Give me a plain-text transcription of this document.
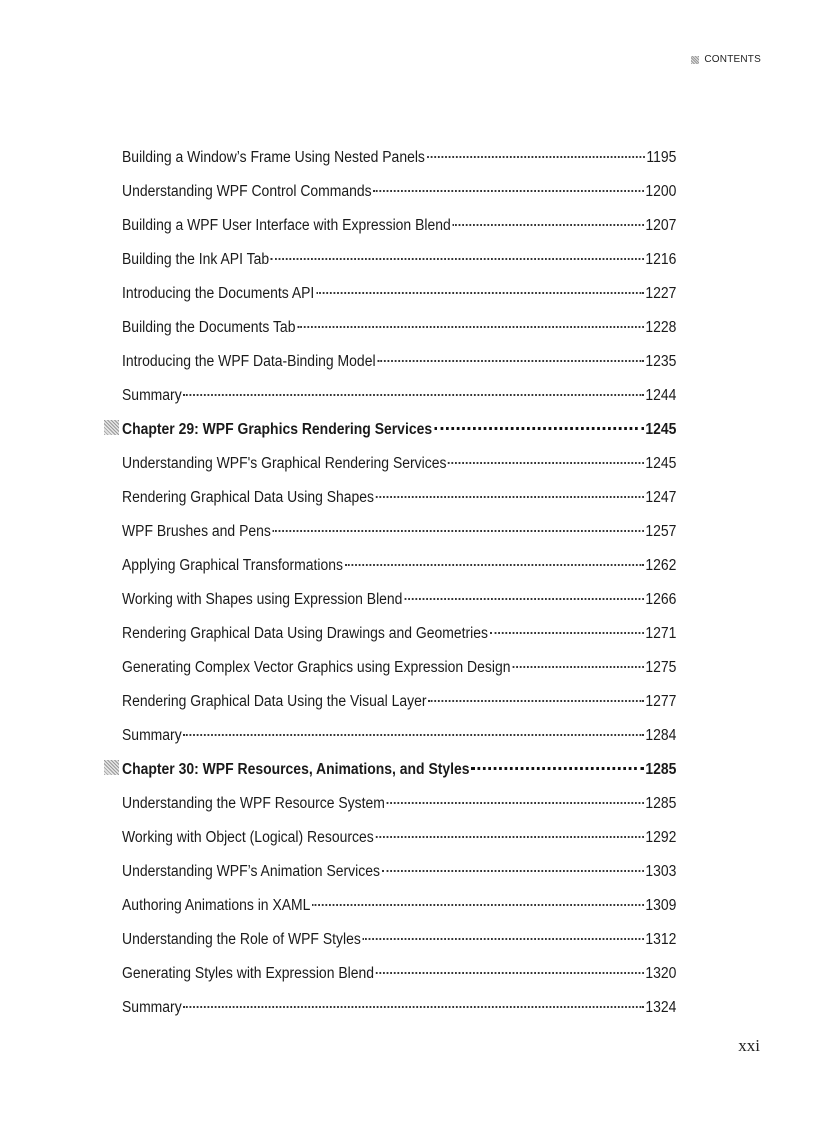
CONTENTS
Building a Window’s Frame Using Nested Panels	1195
Understanding WPF Control Commands	1200
Building a WPF User Interface with Expression Blend	1207
Building the Ink API Tab	1216
Introducing the Documents API	1227
Building the Documents Tab	1228
Introducing the WPF Data-Binding Model	1235
Summary	1244
Chapter 29: WPF Graphics Rendering Services	1245
Understanding WPF's Graphical Rendering Services	1245
Rendering Graphical Data Using Shapes	1247
WPF Brushes and Pens	1257
Applying Graphical Transformations	1262
Working with Shapes using Expression Blend	1266
Rendering Graphical Data Using Drawings and Geometries	1271
Generating Complex Vector Graphics using Expression Design	1275
Rendering Graphical Data Using the Visual Layer	1277
Summary	1284
Chapter 30: WPF Resources, Animations, and Styles	1285
Understanding the WPF Resource System	1285
Working with Object (Logical) Resources	1292
Understanding WPF’s Animation Services	1303
Authoring Animations in XAML	1309
Understanding the Role of WPF Styles	1312
Generating Styles with Expression Blend	1320
Summary	1324
xxi
